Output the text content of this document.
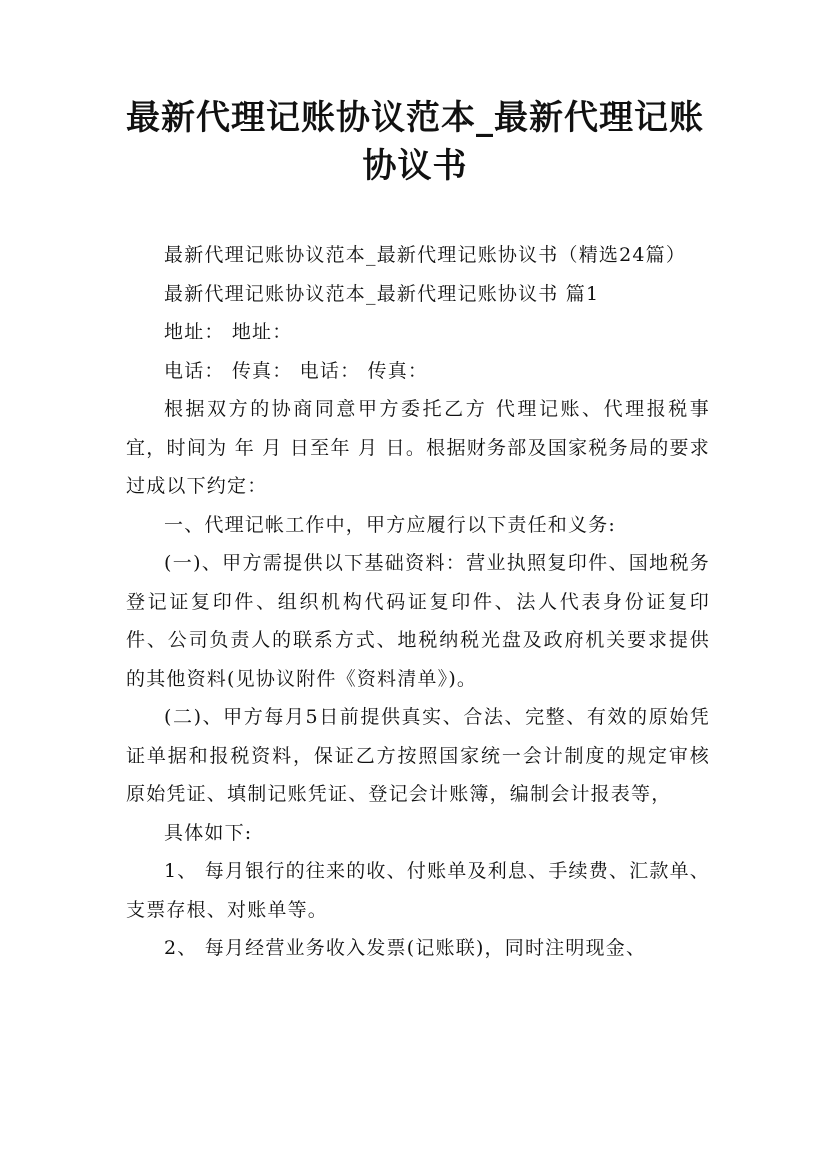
最新代理记账协议范本_最新代理记账协议书

最新代理记账协议范本_最新代理记账协议书（精选24篇）

最新代理记账协议范本_最新代理记账协议书 篇1

地址： 地址：

电话： 传真： 电话： 传真：

根据双方的协商同意甲方委托乙方 代理记账、代理报税事宜，时间为 年 月 日至年 月 日。根据财务部及国家税务局的要求过成以下约定：

一、代理记帐工作中，甲方应履行以下责任和义务:

(一)、甲方需提供以下基础资料：营业执照复印件、国地税务登记证复印件、组织机构代码证复印件、法人代表身份证复印件、公司负责人的联系方式、地税纳税光盘及政府机关要求提供的其他资料(见协议附件《资料清单》)。

(二)、甲方每月5日前提供真实、合法、完整、有效的原始凭证单据和报税资料，保证乙方按照国家统一会计制度的规定审核原始凭证、填制记账凭证、登记会计账簿，编制会计报表等，

具体如下:

1、 每月银行的往来的收、付账单及利息、手续费、汇款单、支票存根、对账单等。

2、 每月经营业务收入发票(记账联)，同时注明现金、
